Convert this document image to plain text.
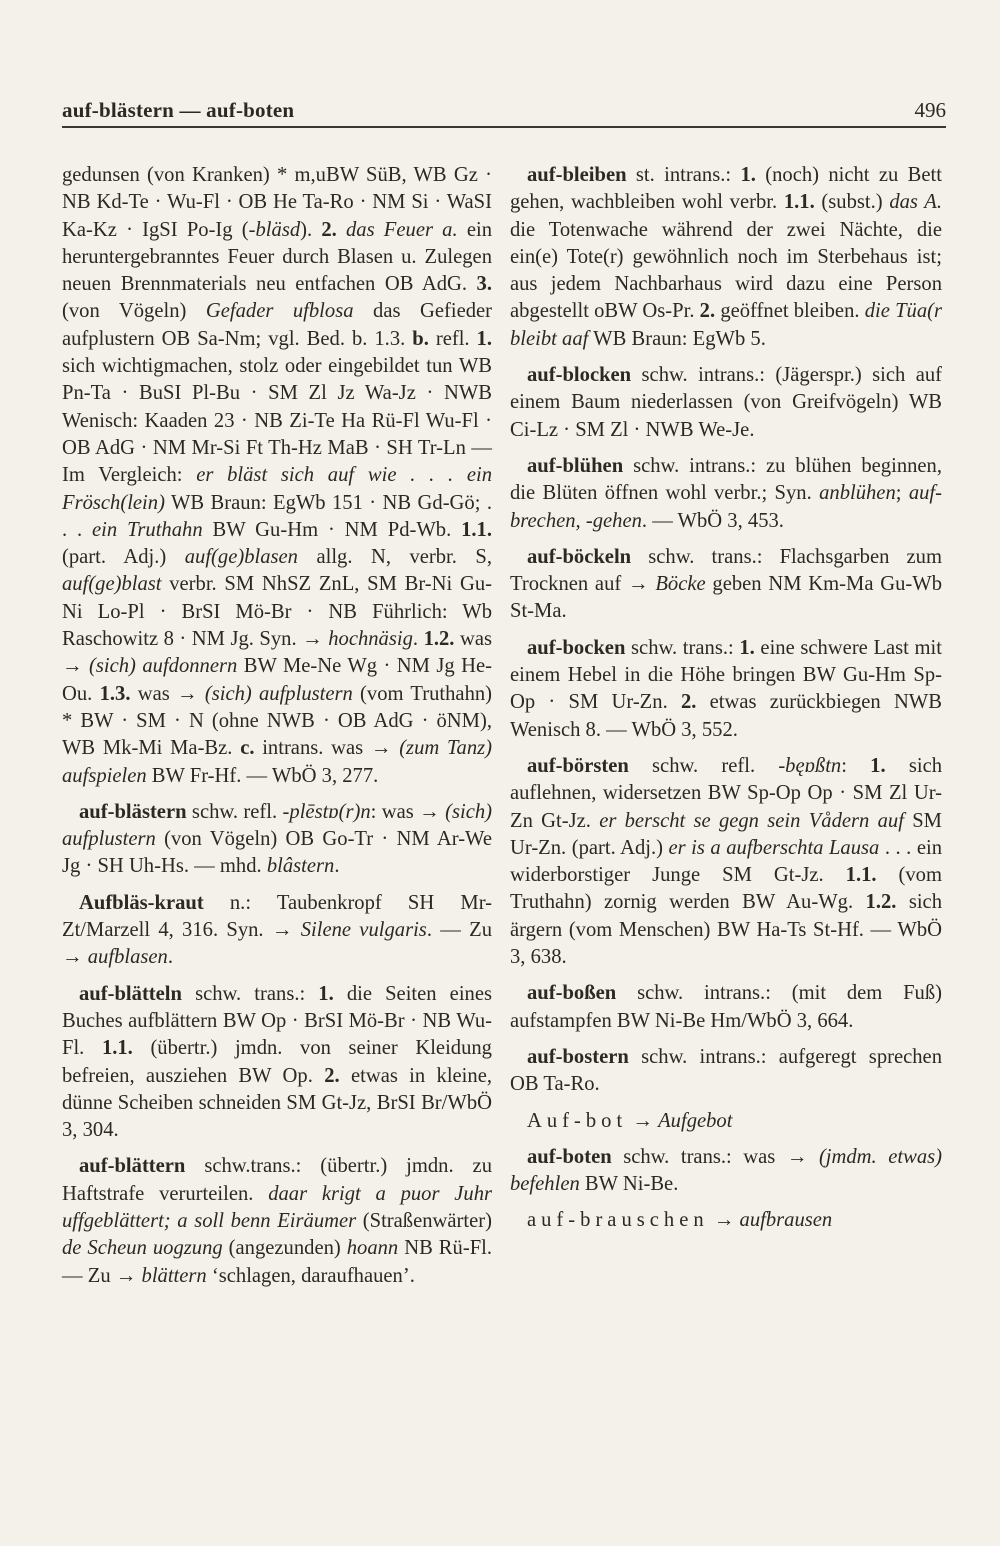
auf-blästern — auf-boten	496

gedunsen (von Kranken) * m,uBW SüB, WB Gz · NB Kd-Te · Wu-Fl · OB He Ta-Ro · NM Si · WaSI Ka-Kz · IgSI Po-Ig (-bläsd). 2. das Feuer a. ein heruntergebranntes Feuer durch Blasen u. Zulegen neuen Brennmaterials neu entfachen OB AdG. 3. (von Vögeln) Gefader ufblosa das Gefieder aufplustern OB Sa-Nm; vgl. Bed. b. 1.3. b. refl. 1. sich wichtigmachen, stolz oder eingebildet tun WB Pn-Ta · BuSI Pl-Bu · SM Zl Jz Wa-Jz · NWB Wenisch: Kaaden 23 · NB Zi-Te Ha Rü-Fl Wu-Fl · OB AdG · NM Mr-Si Ft Th-Hz MaB · SH Tr-Ln — Im Vergleich: er bläst sich auf wie . . . ein Frösch(lein) WB Braun: EgWb 151 · NB Gd-Gö; . . . ein Truthahn BW Gu-Hm · NM Pd-Wb. 1.1. (part. Adj.) auf(ge)blasen allg. N, verbr. S, auf(ge)blast verbr. SM NhSZ ZnL, SM Br-Ni Gu-Ni Lo-Pl · BrSI Mö-Br · NB Führlich: Wb Raschowitz 8 · NM Jg. Syn. → hochnäsig. 1.2. was → (sich) aufdonnern BW Me-Ne Wg · NM Jg He-Ou. 1.3. was → (sich) aufplustern (vom Truthahn) * BW · SM · N (ohne NWB · OB AdG · öNM), WB Mk-Mi Ma-Bz. c. intrans. was → (zum Tanz) aufspielen BW Fr-Hf. — WbÖ 3, 277.

auf-blästern schw. refl. -plēstɒ(r)n: was → (sich) aufplustern (von Vögeln) OB Go-Tr · NM Ar-We Jg · SH Uh-Hs. — mhd. blâstern.

Aufbläs-kraut n.: Taubenkropf SH Mr-Zt/Marzell 4, 316. Syn. → Silene vulgaris. — Zu → aufblasen.

auf-blätteln schw. trans.: 1. die Seiten eines Buches aufblättern BW Op · BrSI Mö-Br · NB Wu-Fl. 1.1. (übertr.) jmdn. von seiner Kleidung befreien, ausziehen BW Op. 2. etwas in kleine, dünne Scheiben schneiden SM Gt-Jz, BrSI Br/WbÖ 3, 304.

auf-blättern schw.trans.: (übertr.) jmdn. zu Haftstrafe verurteilen. daar krigt a puor Juhr uffgeblättert; a soll benn Eiräumer (Straßenwärter) de Scheun uogzung (angezunden) hoann NB Rü-Fl. — Zu → blättern ‘schlagen, daraufhauen’.

auf-bleiben st. intrans.: 1. (noch) nicht zu Bett gehen, wachbleiben wohl verbr. 1.1. (subst.) das A. die Totenwache während der zwei Nächte, die ein(e) Tote(r) gewöhnlich noch im Sterbehaus ist; aus jedem Nachbarhaus wird dazu eine Person abgestellt oBW Os-Pr. 2. geöffnet bleiben. die Tüa(r bleibt aaf WB Braun: EgWb 5.

auf-blocken schw. intrans.: (Jägerspr.) sich auf einem Baum niederlassen (von Greifvögeln) WB Ci-Lz · SM Zl · NWB We-Je.

auf-blühen schw. intrans.: zu blühen beginnen, die Blüten öffnen wohl verbr.; Syn. anblühen; auf-brechen, -gehen. — WbÖ 3, 453.

auf-böckeln schw. trans.: Flachsgarben zum Trocknen auf → Böcke geben NM Km-Ma Gu-Wb St-Ma.

auf-bocken schw. trans.: 1. eine schwere Last mit einem Hebel in die Höhe bringen BW Gu-Hm Sp-Op · SM Ur-Zn. 2. etwas zurückbiegen NWB Wenisch 8. — WbÖ 3, 552.

auf-börsten schw. refl. -bęɒßtn: 1. sich auflehnen, widersetzen BW Sp-Op Op · SM Zl Ur-Zn Gt-Jz. er berscht se gegn sein Vådern auf SM Ur-Zn. (part. Adj.) er is a aufberschta Lausa . . . ein widerborstiger Junge SM Gt-Jz. 1.1. (vom Truthahn) zornig werden BW Au-Wg. 1.2. sich ärgern (vom Menschen) BW Ha-Ts St-Hf. — WbÖ 3, 638.

auf-boßen schw. intrans.: (mit dem Fuß) aufstampfen BW Ni-Be Hm/WbÖ 3, 664.

auf-bostern schw. intrans.: aufgeregt sprechen OB Ta-Ro.

Auf-bot → Aufgebot

auf-boten schw. trans.: was → (jmdm. etwas) befehlen BW Ni-Be.

auf-brauschen → aufbrausen
